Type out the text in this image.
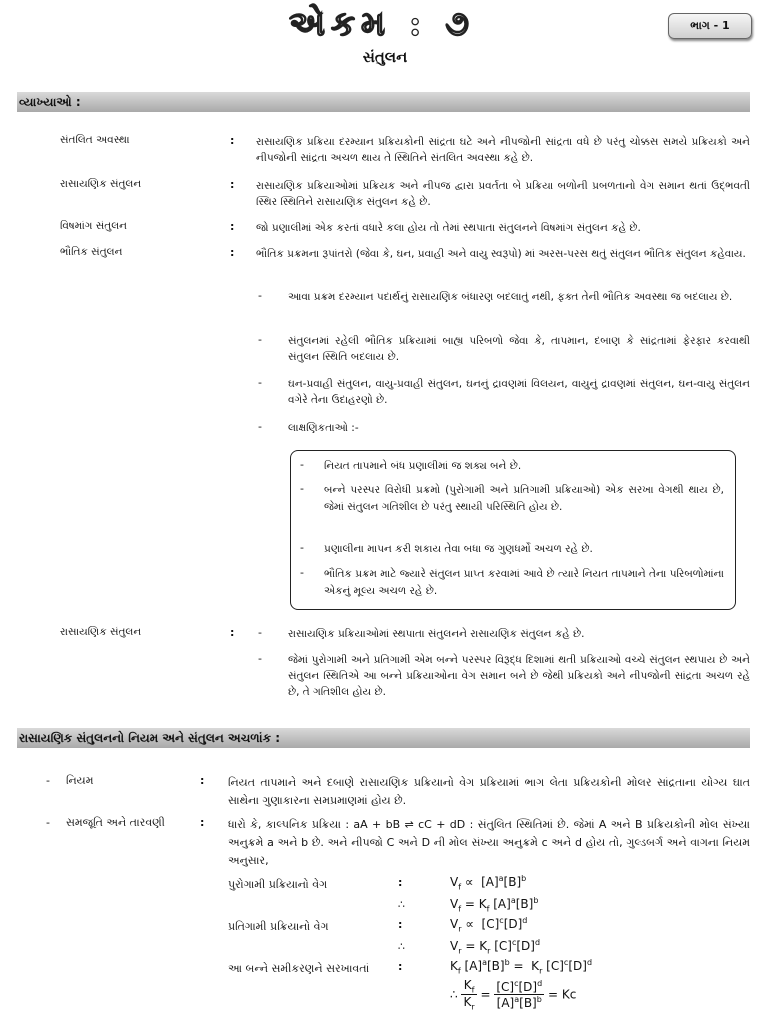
એકમ : ૭
સંતુલન
ભાગ - 1
વ્યાખ્યાઓ :
સંતલિત અવસ્થા	: રાસાયણિક પ્રક્રિયા દરમ્યાન પ્રક્રિયકોની સાંદ્રતા ઘટે અને નીપજોની સાંદ્રતા વધે છે પરંતુ ચોક્કસ સમયે પ્રક્રિયકો અને નીપજોની સાંદ્રતા અચળ થાય તે સ્થિતિને સંતલિત અવસ્થા કહે છે.
રાસાયણિક સંતુલન	: રાસાયણિક પ્રક્રિયાઓમાં પ્રક્રિયક અને નીપજ દ્વારા પ્રવર્તતા બે પ્રક્રિયા બળોની પ્રબળતાનો વેગ સમાન થતાં ઉદ્ભવતી સ્થિર સ્થિતિને રાસાયણિક સંતુલન કહે છે.
વિષમાંગ સંતુલન	: જો પ્રણાલીમાં એક કરતાં વધારે કલા હોય તો તેમાં સ્થપાતા સંતુલનને વિષમાંગ સંતુલન કહે છે.
ભૌતિક સંતુલન	: ભૌતિક પ્રક્રમના રૂપાંતરો (જેવા કે, ઘન, પ્રવાહી અને વાયુ સ્વરૂપો) માં અરસ-પરસ થતું સંતુલન ભૌતિક સંતુલન કહેવાય.
- આવા પ્રક્રમ દરમ્યાન પદાર્થનું રાસાયણિક બંધારણ બદલાતું નથી, ફક્ત તેની ભૌતિક અવસ્થા જ બદલાય છે.
- સંતુલનમાં રહેલી ભૌતિક પ્રક્રિયામાં બાહ્ય પરિબળો જેવા કે, તાપમાન, દબાણ કે સાંદ્રતામાં ફેરફાર કરવાથી સંતુલન સ્થિતિ બદલાય છે.
- ઘન-પ્રવાહી સંતુલન, વાયુ-પ્રવાહી સંતુલન, ઘનનું દ્રાવણમાં વિલયન, વાયુનું દ્રાવણમાં સંતુલન, ઘન-વાયુ સંતુલન વગેરે તેના ઉદાહરણો છે.
- લાક્ષણિકતાઓ :-
- નિયત તાપમાને બંધ પ્રણાલીમાં જ શક્ય બને છે.
- બન્ને પરસ્પર વિરોધી પ્રક્રમો (પુરોગામી અને પ્રતિગામી પ્રક્રિયાઓ) એક સરખા વેગથી થાય છે, જેમાં સંતુલન ગતિશીલ છે પરંતુ સ્થાયી પરિસ્થિતિ હોય છે.
- પ્રણાલીના માપન કરી શકાય તેવા બધા જ ગુણધર્મો અચળ રહે છે.
- ભૌતિક પ્રક્રમ માટે જ્યારે સંતુલન પ્રાપ્ત કરવામાં આવે છે ત્યારે નિયત તાપમાને તેના પરિબળોમાંના એકનું મૂલ્ય અચળ રહે છે.
રાસાયણિક સંતુલન	: - રાસાયણિક પ્રક્રિયાઓમાં સ્થપાતા સંતુલનને રાસાયણિક સંતુલન કહે છે.
- જેમાં પુરોગામી અને પ્રતિગામી એમ બન્ને પરસ્પર વિરૂદ્ધ દિશામાં થતી પ્રક્રિયાઓ વચ્ચે સંતુલન સ્થપાય છે અને સંતુલન સ્થિતિએ આ બન્ને પ્રક્રિયાઓના વેગ સમાન બને છે જેથી પ્રક્રિયકો અને નીપજોની સાંદ્રતા અચળ રહે છે, તે ગતિશીલ હોય છે.
રાસાયણિક સંતુલનનો નિયમ અને સંતુલન અચળાંક :
- નિયમ	: નિયત તાપમાને અને દબાણે રાસાયણિક પ્રક્રિયાનો વેગ પ્રક્રિયામાં ભાગ લેતા પ્રક્રિયકોની મોલર સાંદ્રતાના યોગ્ય ઘાત સાથેના ગુણાકારના સમપ્રમાણમાં હોય છે.
- સમજૂતિ અને તારવણી	: ધારો કે, કાલ્પનિક પ્રક્રિયા : aA + bB ⇌ cC + dD : સંતુલિત સ્થિતિમાં છે. જેમાં A અને B પ્રક્રિયકોની મોલ સંખ્યા અનુક્રમે a અને b છે. અને નીપજો C અને D ની મોલ સંખ્યા અનુક્રમે c અને d હોય તો, ગુલ્ડબર્ગ અને વાગના નિયમ અનુસાર,
પુરોગામી પ્રક્રિયાનો વેગ	:	$V_f \propto [A]^a[B]^b$
∴	$V_f = K_f$ $[A]^a[B]^b$
પ્રતિગામી પ્રક્રિયાનો વેગ	:	$V_r \propto [C]^c[D]^d$
∴	$V_r = K_r$ $[C]^c[D]^d$
આ બન્ને સમીકરણને સરખાવતાં	:	$K_f$ $[A]^a[B]^b = K_r$ $[C]^c[D]^d$
∴ $\frac{K_f}{K_r} = \frac{[C]^c[D]^d}{[A]^a[B]^b} = Kc$
